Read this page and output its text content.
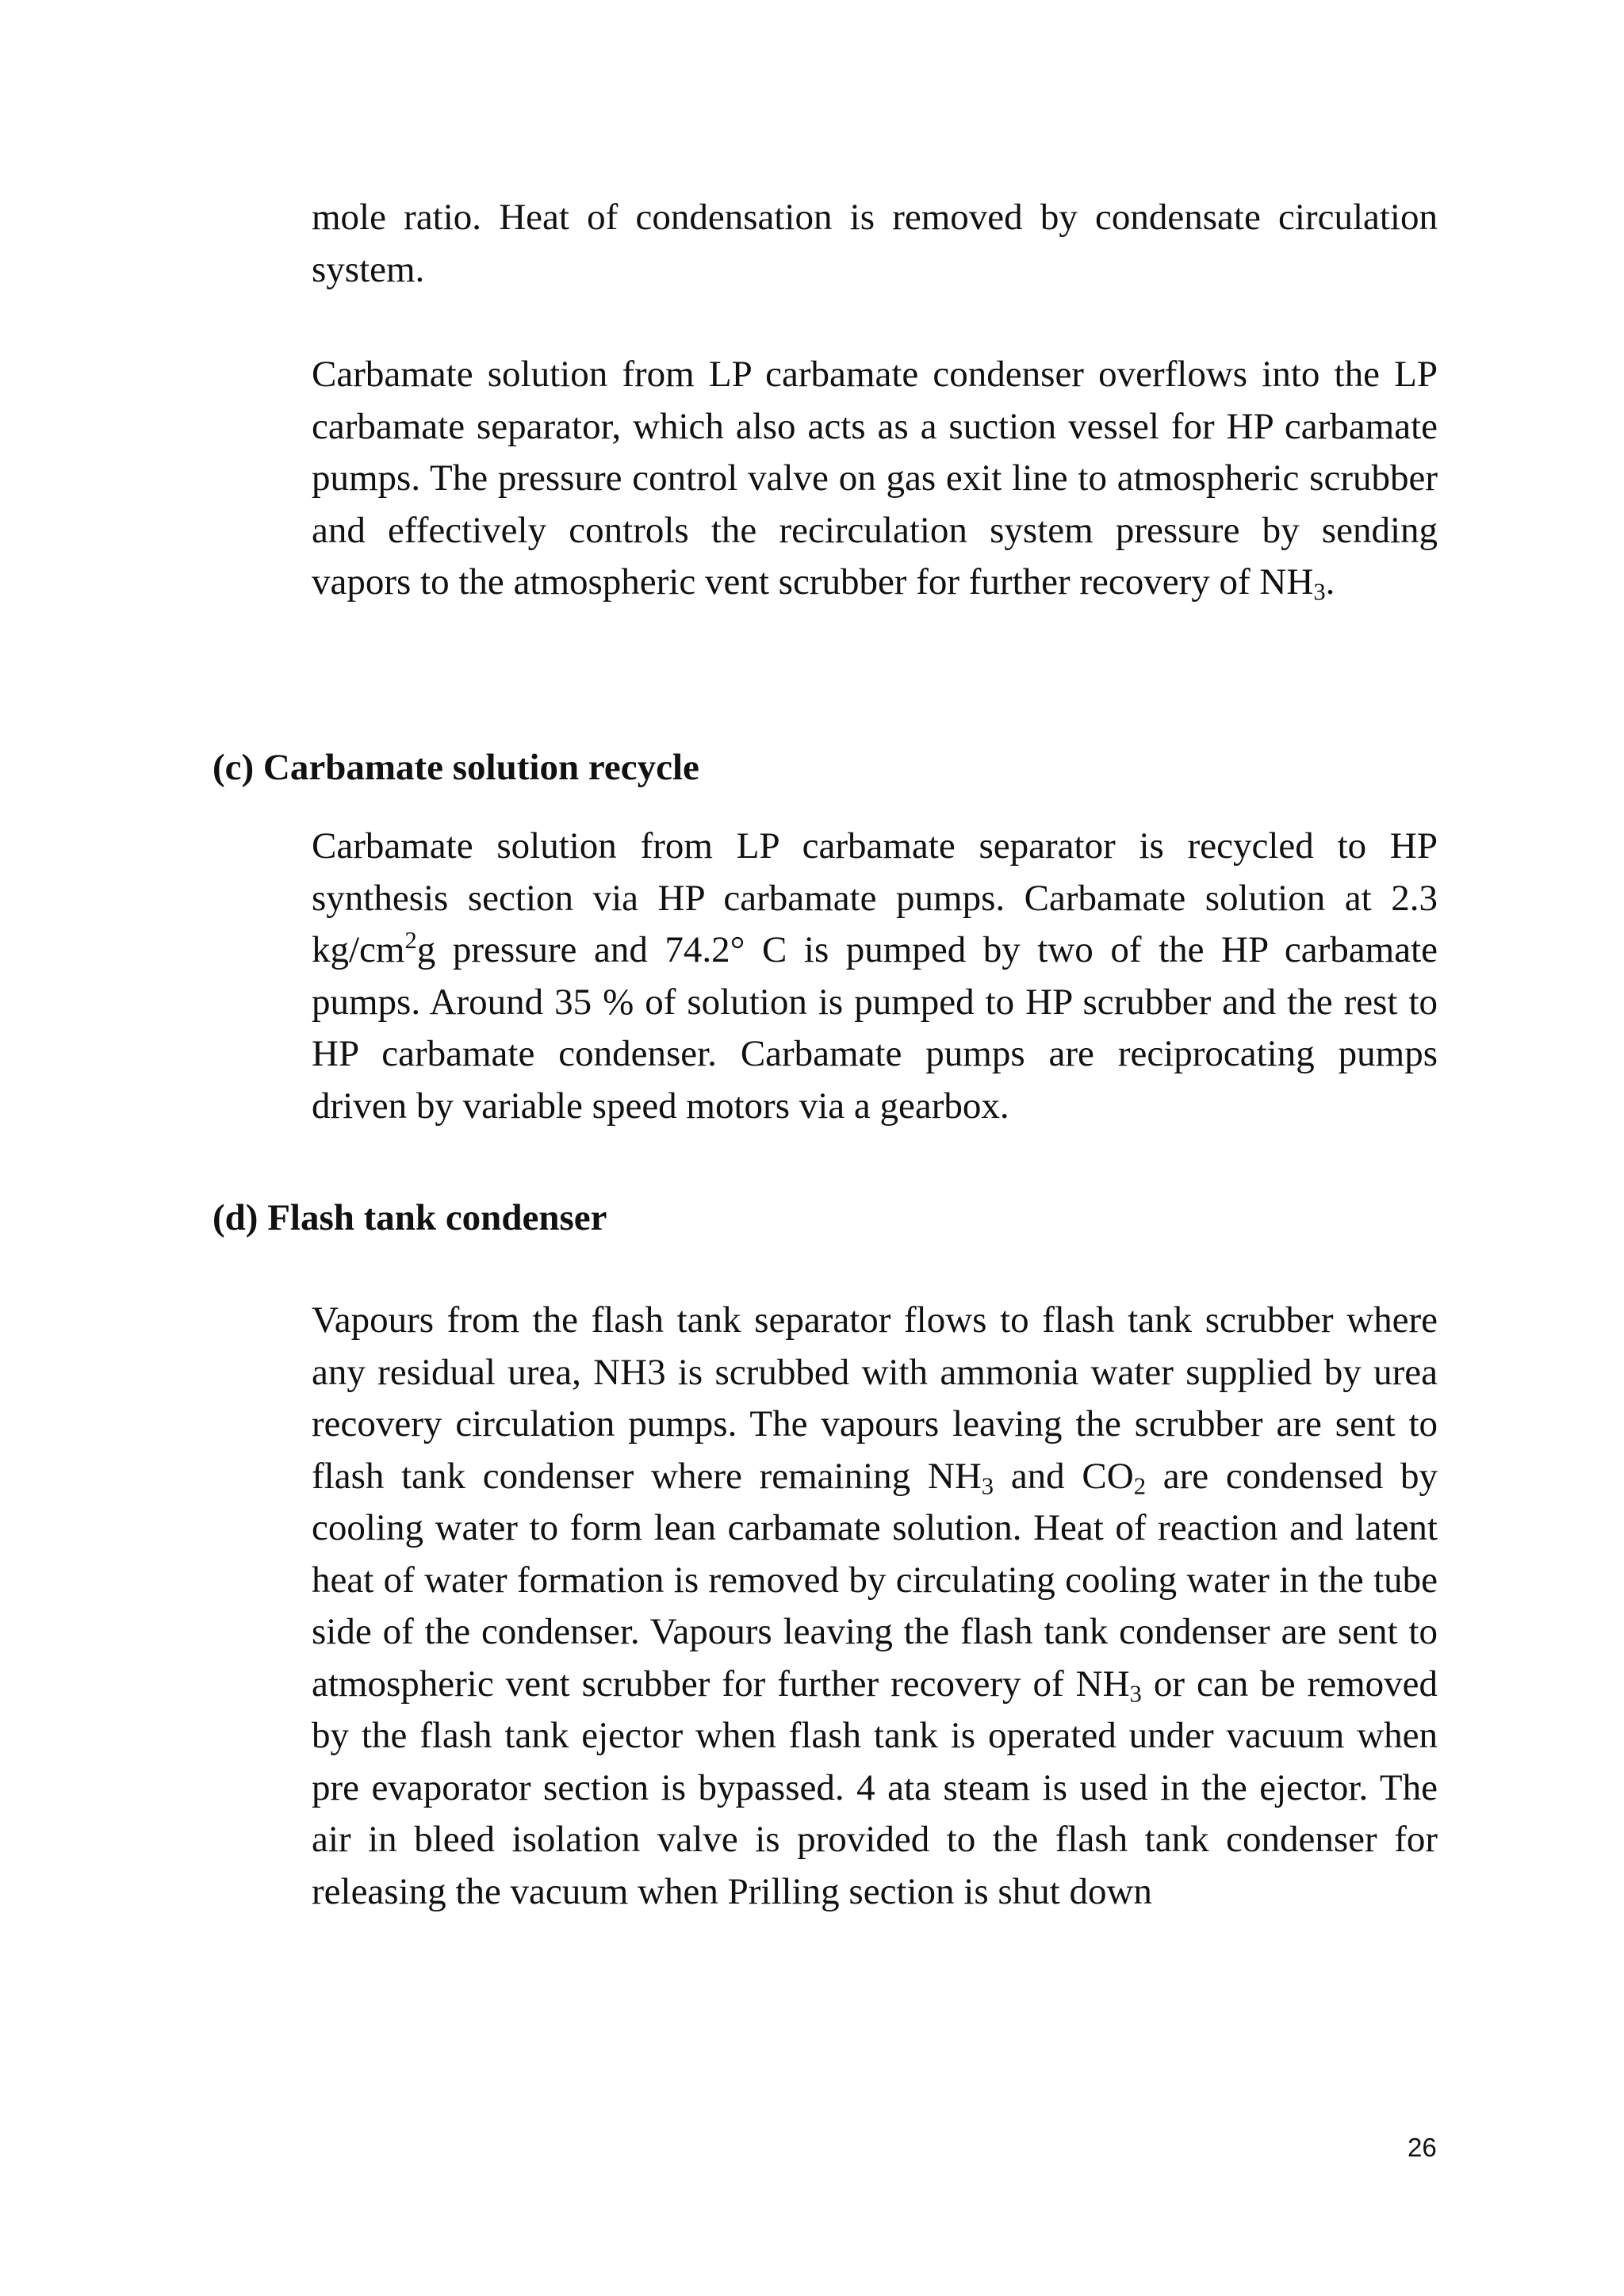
mole ratio. Heat of condensation is removed by condensate circulation system.

Carbamate solution from LP carbamate condenser overflows into the LP carbamate separator, which also acts as a suction vessel for HP carbamate pumps. The pressure control valve on gas exit line to atmospheric scrubber and effectively controls the recirculation system pressure by sending vapors to the atmospheric vent scrubber for further recovery of $NH_3$.

(c) Carbamate solution recycle

Carbamate solution from LP carbamate separator is recycled to HP synthesis section via HP carbamate pumps. Carbamate solution at 2.3 $kg/cm^2g$ pressure and 74.2° C is pumped by two of the HP carbamate pumps. Around 35 % of solution is pumped to HP scrubber and the rest to HP carbamate condenser. Carbamate pumps are reciprocating pumps driven by variable speed motors via a gearbox.

(d) Flash tank condenser

Vapours from the flash tank separator flows to flash tank scrubber where any residual urea, NH3 is scrubbed with ammonia water supplied by urea recovery circulation pumps. The vapours leaving the scrubber are sent to flash tank condenser where remaining $NH_3$ and $CO_2$ are condensed by cooling water to form lean carbamate solution. Heat of reaction and latent heat of water formation is removed by circulating cooling water in the tube side of the condenser. Vapours leaving the flash tank condenser are sent to atmospheric vent scrubber for further recovery of $NH_3$ or can be removed by the flash tank ejector when flash tank is operated under vacuum when pre evaporator section is bypassed. 4 ata steam is used in the ejector. The air in bleed isolation valve is provided to the flash tank condenser for releasing the vacuum when Prilling section is shut down

26
